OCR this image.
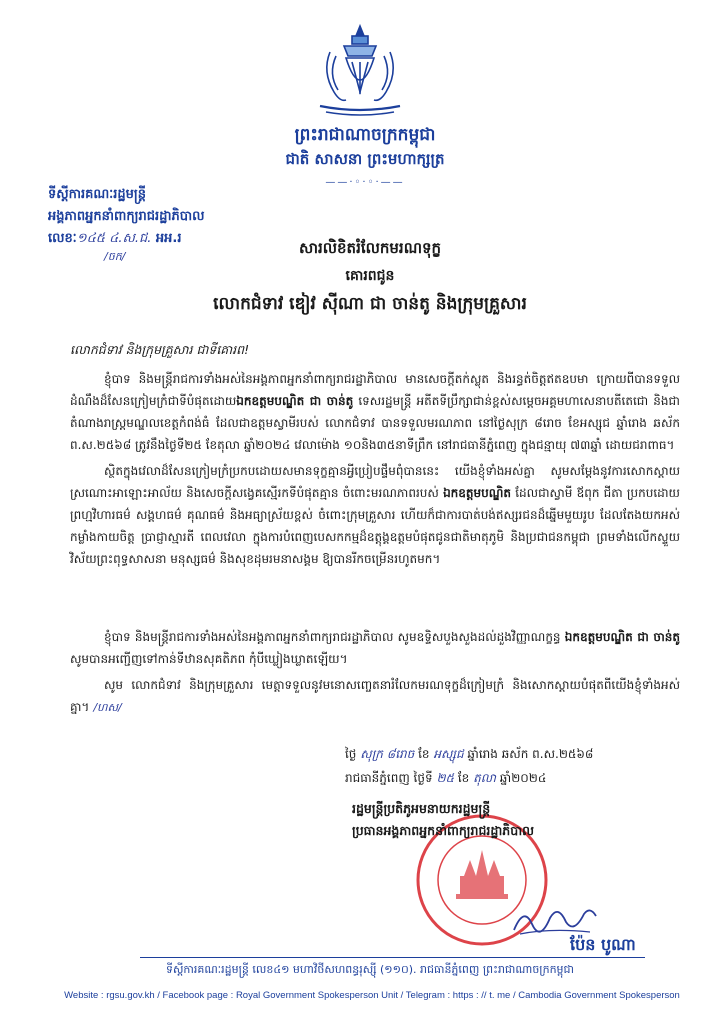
ព្រះរាជាណាចក្រកម្ពុជា
ជាតិ សាសនា ព្រះមហាក្សត្រ
——·◦·◦·——
ទីស្តីការគណៈរដ្ឋមន្ត្រី
អង្គភាពអ្នកនាំពាក្យរាជរដ្ឋាភិបាល
លេខៈ១៤៥ ៤.ស.ជ. អអ.រ
/ចក/	សារលិខិតរំលែកមរណទុក្ខ
គោរពជូន
លោកជំទាវ ឌៀវ ស៊ីណា ជា ចាន់តូ និងក្រុមគ្រួសារ
លោកជំទាវ និងក្រុមគ្រួសារ ជាទីគោរព!

ខ្ញុំបាទ និងមន្ត្រីរាជការទាំងអស់នៃអង្គភាពអ្នកនាំពាក្យរាជរដ្ឋាភិបាល មានសេចក្តីតក់ស្លុត និងរន្ធត់ចិត្តឥតឧបមា ក្រោយពីបានទទួលដំណឹងដ៏សែនក្រៀមក្រំជាទីបំផុតដោយឯកឧត្តមបណ្ឌិត ជា ចាន់តូ ទេសរដ្ឋមន្ត្រី អតីតទីប្រឹក្សាជាន់ខ្ពស់សម្តេចអគ្គមហាសេនាបតីតេជោ និងជាតំណាងរាស្ត្រមណ្ឌលខេត្តកំពង់ធំ ដែលជាឧត្តមស្វាមីរបស់ លោកជំទាវ បានទទួលមរណភាព នៅថ្ងៃសុក្រ ៨រោច ខែអស្សុជ ឆ្នាំរោង ឆស័ក ព.ស.២៥៦៨ ត្រូវនឹងថ្ងៃទី២៥ ខែតុលា ឆ្នាំ២០២៤ វេលាម៉ោង ១០និង៣៥នាទីព្រឹក នៅរាជធានីភ្នំពេញ ក្នុងជន្មាយុ ៧៣ឆ្នាំ ដោយជរាពាធ។

ស្ថិតក្នុងវេលាដ៏សែនក្រៀមក្រំប្រកបដោយសមានទុក្ខគ្មានអ្វីប្រៀបផ្ទឹមពុំបាននេះ យើងខ្ញុំទាំងអស់គ្នា សូមសម្តែងនូវការសោកស្តាយស្រណោះអាឡោះអាល័យ និងសេចក្តីសង្វេគស្មើរកទីបំផុតគ្មាន ចំពោះមរណភាពរបស់ ឯកឧត្តមបណ្ឌិត ដែលជាស្វាមី ឪពុក ជីតា ប្រកបដោយព្រហ្មវិហារធម៌ សង្គហធម៌ គុណធម៌ និងអធ្យាស្រ័យខ្ពស់ ចំពោះក្រុមគ្រួសារ ហើយក៏ជាការបាត់បង់ឥស្សរជនដ៏ឆ្នើមមួយរូប ដែលតែងយកអស់កម្លាំងកាយចិត្ត ប្រាជ្ញាស្មារតី ពេលវេលា ក្នុងការបំពេញបេសកកម្មដ៏ឧត្តុង្គឧត្តមបំផុតជូនជាតិមាតុភូមិ និងប្រជាជនកម្ពុជា ព្រមទាំងលើកស្ទួយវិស័យព្រះពុទ្ធសាសនា មនុស្សធម៌ និងសុខដុមរមនាសង្គម ឱ្យបានរីកចម្រើនរហូតមក។

ខ្ញុំបាទ និងមន្ត្រីរាជការទាំងអស់នៃអង្គភាពអ្នកនាំពាក្យរាជរដ្ឋាភិបាល សូមឧទ្ទិសបួងសួងដល់ដួងវិញ្ញាណក្ខន្ធ ឯកឧត្តមបណ្ឌិត ជា ចាន់តូ សូមបានអញ្ជើញទៅកាន់ទីឋានសុគតិភព កុំបីឃ្លៀងឃ្លាតឡើយ។

សូម លោកជំទាវ និងក្រុមគ្រួសារ មេត្តាទទួលនូវមនោសញ្ចេតនារំលែកមរណទុក្ខដ៏ក្រៀមក្រំ និងសោកស្តាយបំផុតពីយើងខ្ញុំទាំងអស់គ្នា។ /ហស/

ថ្ងៃ សុក្រ ៨រោច ខែ អស្សុជ ឆ្នាំរោង ឆស័ក ព.ស.២៥៦៨
រាជធានីភ្នំពេញ ថ្ងៃទី ២៥ ខែ តុលា ឆ្នាំ២០២៤
រដ្ឋមន្ត្រីប្រតិភូអមនាយករដ្ឋមន្ត្រី
ប្រធានអង្គភាពអ្នកនាំពាក្យរាជរដ្ឋាភិបាល
ប៉ែន បូណា
ទីស្តីការគណៈរដ្ឋមន្ត្រី លេខ៤១ មហាវិថីសហពន្ធរុស្ស៊ី (១១០). រាជធានីភ្នំពេញ ព្រះរាជាណាចក្រកម្ពុជា
Website : rgsu.gov.kh / Facebook page : Royal Government Spokesperson Unit / Telegram : https : // t. me / Cambodia Government Spokesperson
